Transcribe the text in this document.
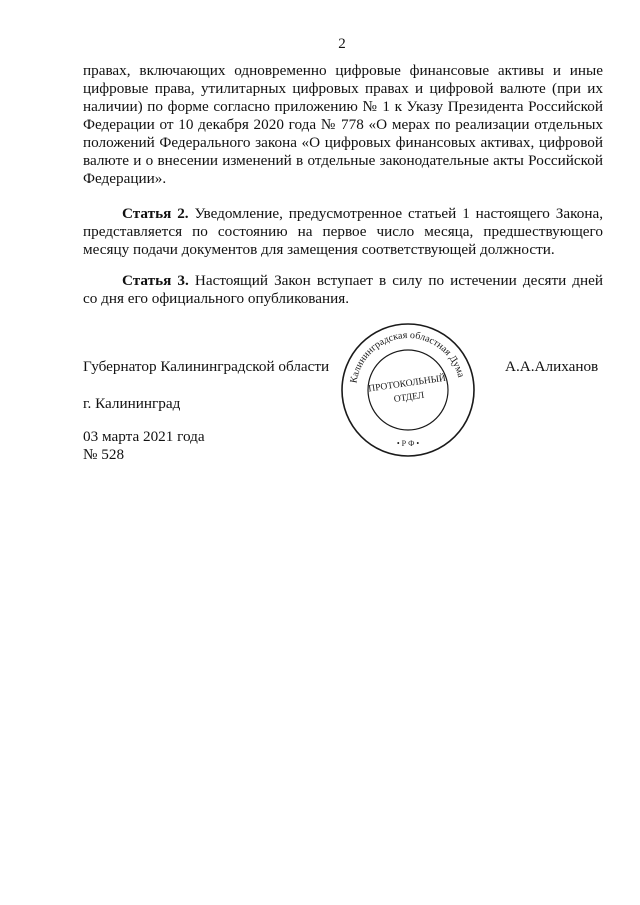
2
правах, включающих одновременно цифровые финансовые активы и иные
цифровые права, утилитарных цифровых правах и цифровой валюте (при их
наличии) по форме согласно приложению № 1 к Указу Президента Российской
Федерации от 10 декабря 2020 года № 778 «О мерах по реализации отдельных
положений Федерального закона «О цифровых финансовых активах, цифровой
валюте и о внесении изменений в отдельные законодательные акты Российской
Федерации».
Статья 2. Уведомление, предусмотренное статьей 1 настоящего Закона,
представляется по состоянию на первое число месяца, предшествующего
месяцу подачи документов для замещения соответствующей должности.
Статья 3. Настоящий Закон вступает в силу по истечении десяти дней
со дня его официального опубликования.
Губернатор Калининградской области	А.А.Алиханов
г. Калининград
03 марта 2021 года
№ 528
Калининградская областная Дума
ПРОТОКОЛЬНЫЙ
ОТДЕЛ
• Р Ф •
